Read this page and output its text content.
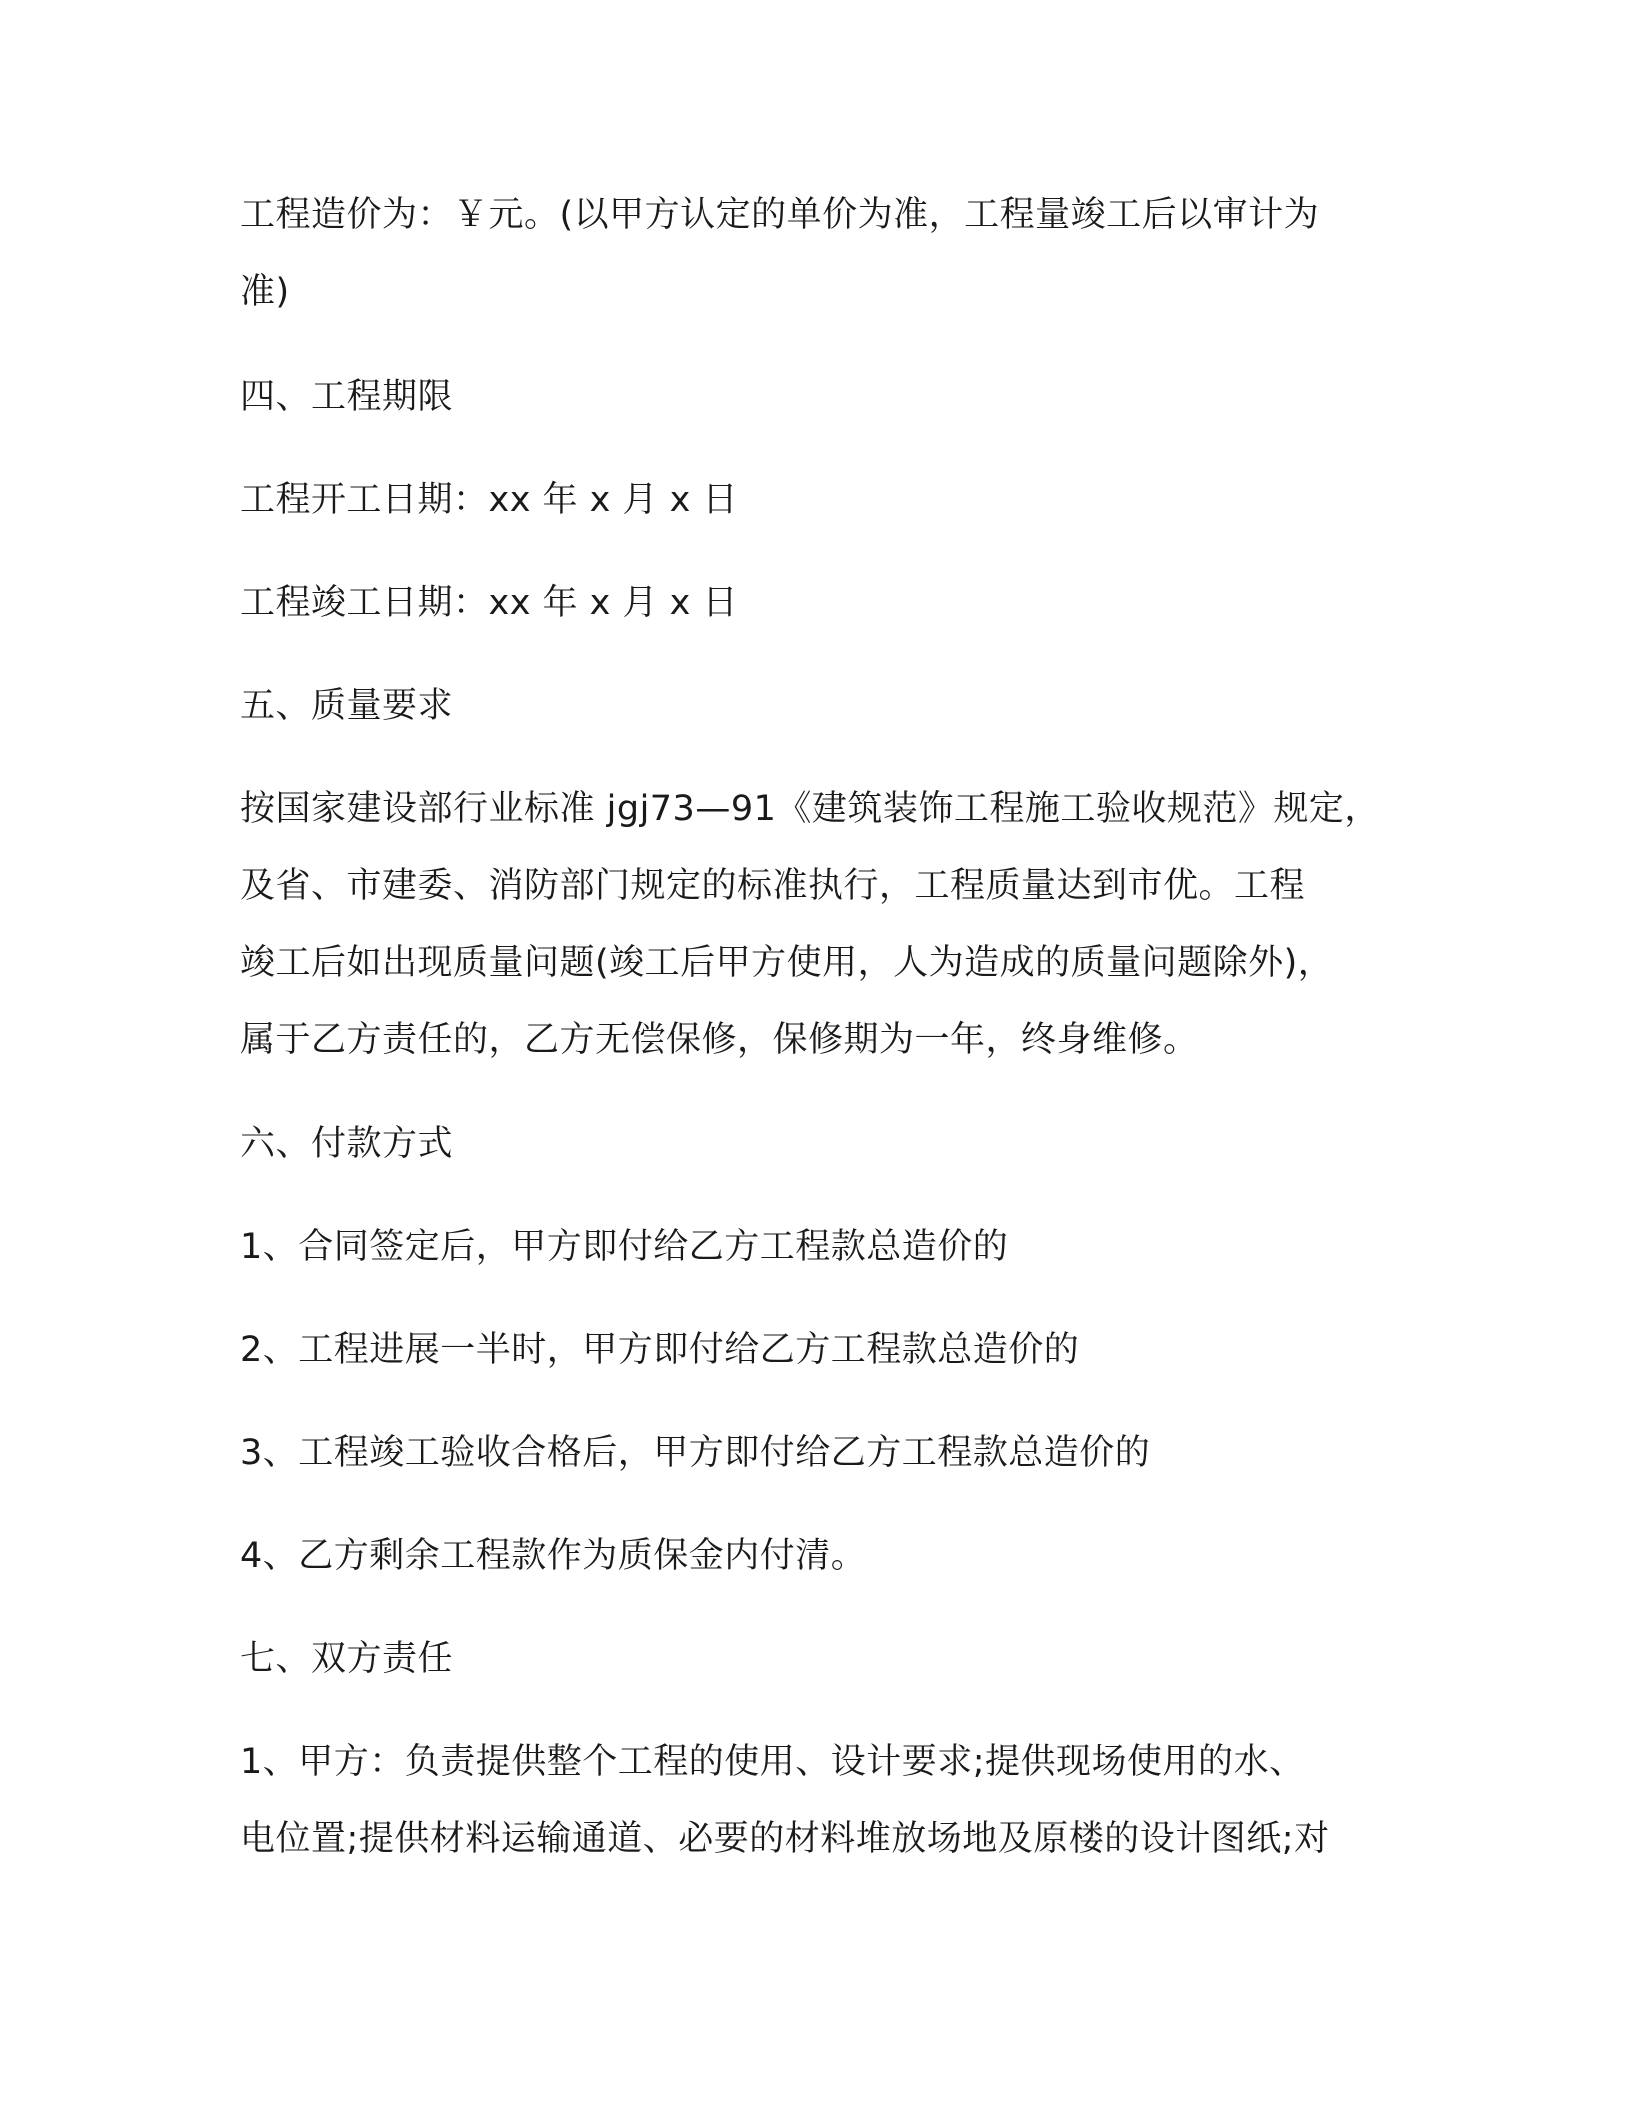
工程造价为：￥元。(以甲方认定的单价为准，工程量竣工后以审计为
准)
四、工程期限
工程开工日期：xx 年 x 月 x 日
工程竣工日期：xx 年 x 月 x 日
五、质量要求
按国家建设部行业标准 jgj73—91《建筑装饰工程施工验收规范》规定，
及省、市建委、消防部门规定的标准执行，工程质量达到市优。工程
竣工后如出现质量问题(竣工后甲方使用，人为造成的质量问题除外)，
属于乙方责任的，乙方无偿保修，保修期为一年，终身维修。
六、付款方式
1、合同签定后，甲方即付给乙方工程款总造价的
2、工程进展一半时，甲方即付给乙方工程款总造价的
3、工程竣工验收合格后，甲方即付给乙方工程款总造价的
4、乙方剩余工程款作为质保金内付清。
七、双方责任
1、甲方：负责提供整个工程的使用、设计要求;提供现场使用的水、
电位置;提供材料运输通道、必要的材料堆放场地及原楼的设计图纸;对
